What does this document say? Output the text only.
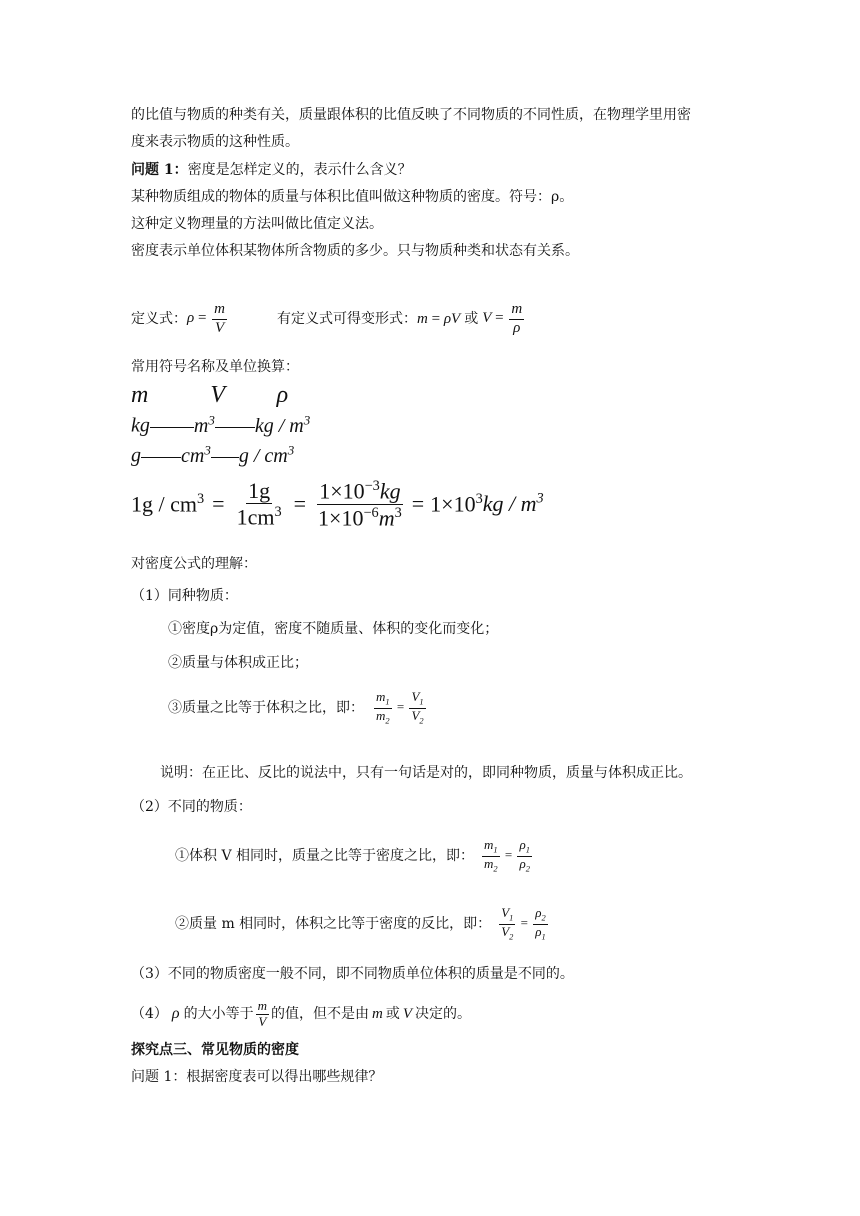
的比值与物质的种类有关，质量跟体积的比值反映了不同物质的不同性质，在物理学里用密
度来表示物质的这种性质。
问题 1：密度是怎样定义的，表示什么含义？
某种物质组成的物体的质量与体积比值叫做这种物质的密度。符号：ρ。
这种定义物理量的方法叫做比值定义法。
密度表示单位体积某物体所含物质的多少。只与物质种类和状态有关系。
定义式： $\rho = \frac{m}{V}$	有定义式可得变形式： m = ρV 或 $V = \frac{m}{\rho}$
常用符号名称及单位换算：
m	V ρ
kg $m^3$ kg / $m^3$
g $cm^3$ g / $cm^3$
$1g / cm^3 = \frac{1g}{1cm^3} = \frac{1\times 10^{-3}kg}{1\times 10^{-6}m^3} = 1\times 10^3kg / m^3$
对密度公式的理解：
（1）同种物质：
①密度ρ为定值，密度不随质量、体积的变化而变化；
②质量与体积成正比；
③质量之比等于体积之比，即： $\frac{m_1}{m_2} = \frac{V_1}{V_2}$
说明：在正比、反比的说法中，只有一句话是对的，即同种物质，质量与体积成正比。
（2）不同的物质：
①体积 V 相同时，质量之比等于密度之比，即： $\frac{m_1}{m_2} = \frac{\rho_1}{\rho_2}$
②质量 m 相同时，体积之比等于密度的反比，即： $\frac{V_1}{V_2} = \frac{\rho_2}{\rho_1}$
（3）不同的物质密度一般不同，即不同物质单位体积的质量是不同的。
（4） ρ 的大小等于 $\frac{m}{V}$ 的值，但不是由 m 或 V 决定的。
探究点三、常见物质的密度
问题 1：根据密度表可以得出哪些规律？
